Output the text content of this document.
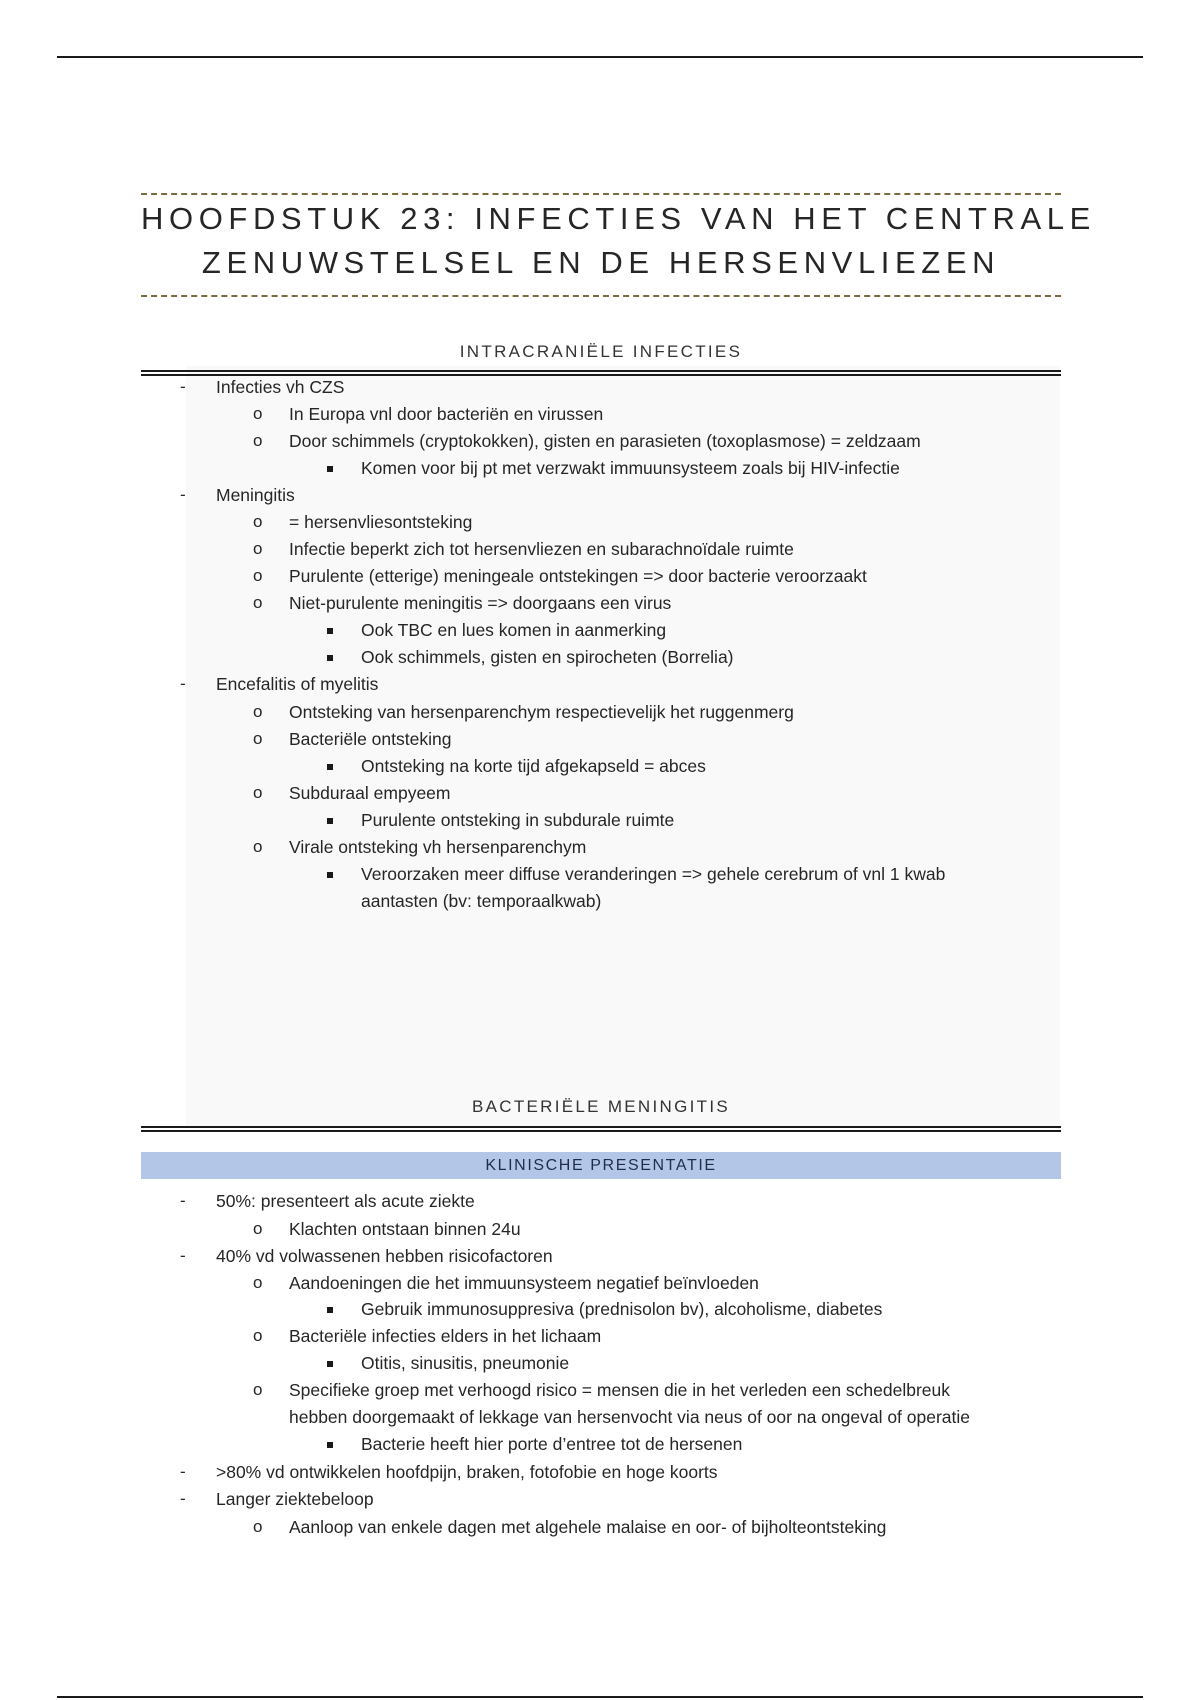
HOOFDSTUK 23: INFECTIES VAN HET CENTRALE
ZENUWSTELSEL EN DE HERSENVLIEZEN
INTRACRANIËLE INFECTIES
- Infecties vh CZS
o In Europa vnl door bacteriën en virussen
o Door schimmels (cryptokokken), gisten en parasieten (toxoplasmose) = zeldzaam
Komen voor bij pt met verzwakt immuunsysteem zoals bij HIV-infectie
- Meningitis
o = hersenvliesontsteking
o Infectie beperkt zich tot hersenvliezen en subarachnoïdale ruimte
o Purulente (etterige) meningeale ontstekingen => door bacterie veroorzaakt
o Niet-purulente meningitis => doorgaans een virus
Ook TBC en lues komen in aanmerking
Ook schimmels, gisten en spirocheten (Borrelia)
- Encefalitis of myelitis
o Ontsteking van hersenparenchym respectievelijk het ruggenmerg
o Bacteriële ontsteking
Ontsteking na korte tijd afgekapseld = abces
o Subduraal empyeem
Purulente ontsteking in subdurale ruimte
o Virale ontsteking vh hersenparenchym
Veroorzaken meer diffuse veranderingen => gehele cerebrum of vnl 1 kwab
aantasten (bv: temporaalkwab)
BACTERIËLE MENINGITIS
KLINISCHE PRESENTATIE
- 50%: presenteert als acute ziekte
o Klachten ontstaan binnen 24u
- 40% vd volwassenen hebben risicofactoren
o Aandoeningen die het immuunsysteem negatief beïnvloeden
Gebruik immunosuppresiva (prednisolon bv), alcoholisme, diabetes
o Bacteriële infecties elders in het lichaam
Otitis, sinusitis, pneumonie
o Specifieke groep met verhoogd risico = mensen die in het verleden een schedelbreuk
hebben doorgemaakt of lekkage van hersenvocht via neus of oor na ongeval of operatie
Bacterie heeft hier porte d’entree tot de hersenen
- >80% vd ontwikkelen hoofdpijn, braken, fotofobie en hoge koorts
- Langer ziektebeloop
o Aanloop van enkele dagen met algehele malaise en oor- of bijholteontsteking
